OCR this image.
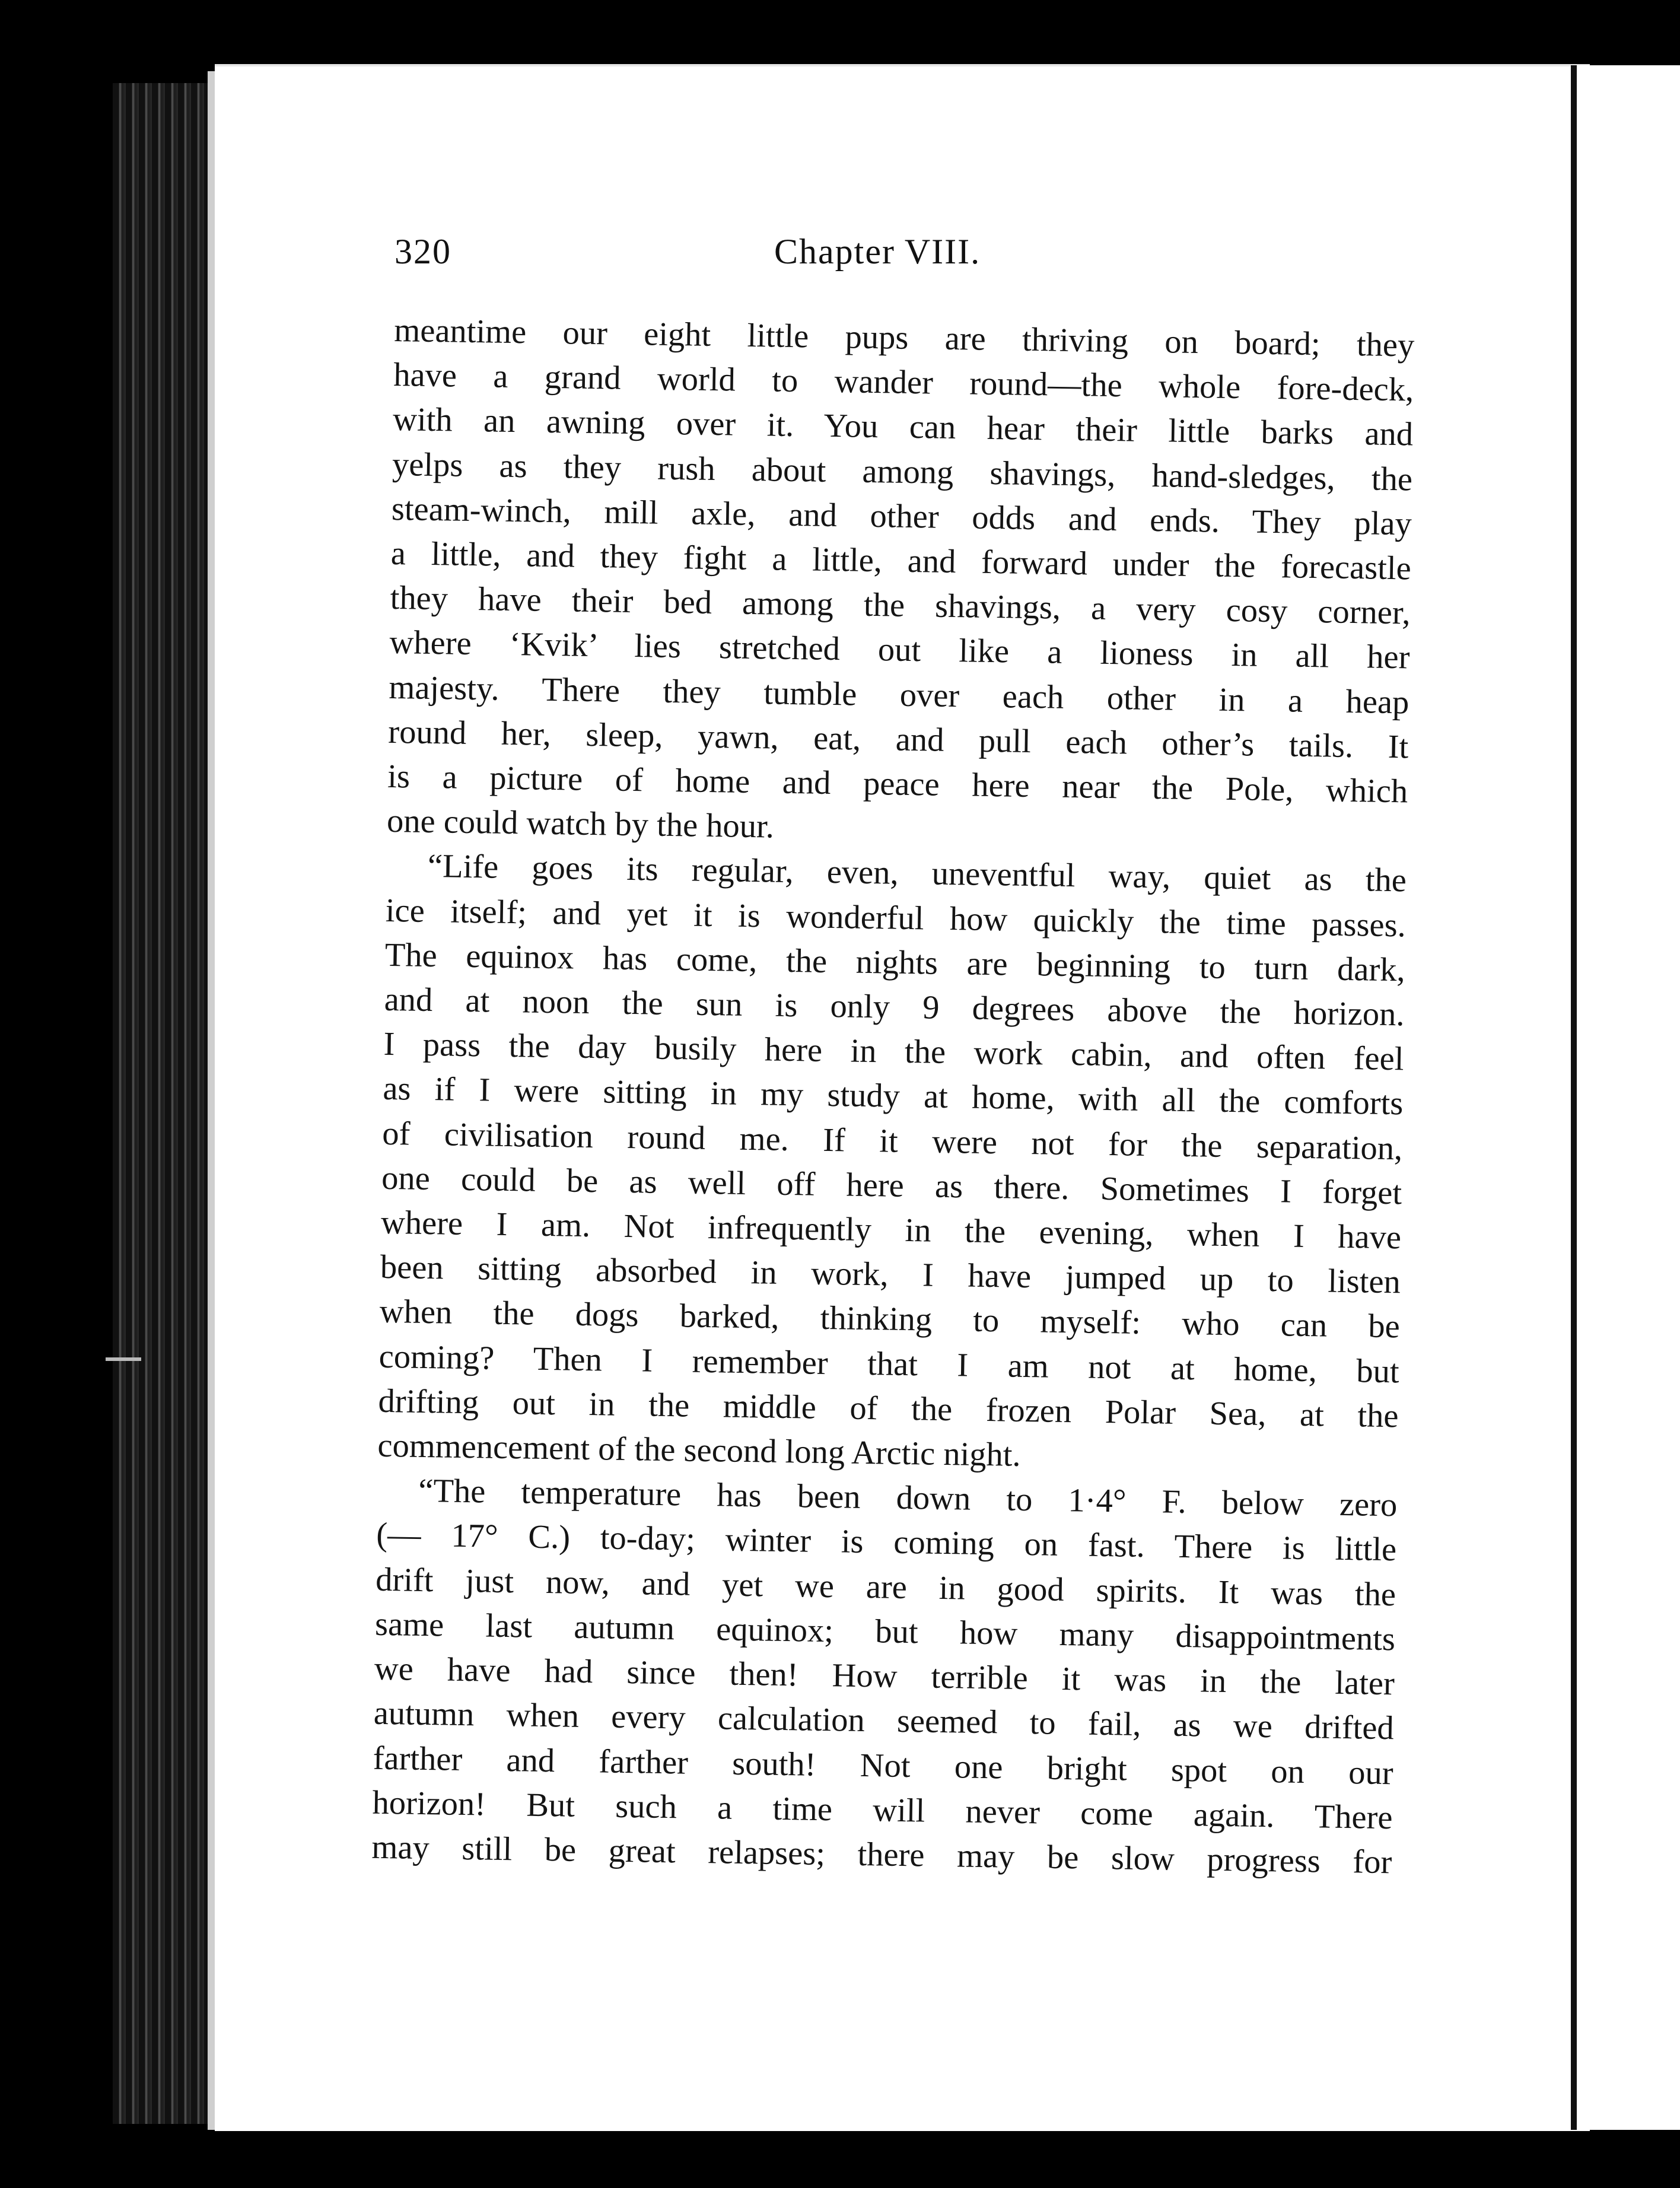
320	Chapter VIII.
meantime our eight little pups are thriving on board; they
have a grand world to wander round—the whole fore-deck,
with an awning over it. You can hear their little barks and
yelps as they rush about among shavings, hand-sledges, the
steam-winch, mill axle, and other odds and ends. They play
a little, and they fight a little, and forward under the forecastle
they have their bed among the shavings, a very cosy corner,
where ‘Kvik’ lies stretched out like a lioness in all her
majesty. There they tumble over each other in a heap
round her, sleep, yawn, eat, and pull each other’s tails. It
is a picture of home and peace here near the Pole, which
one could watch by the hour.
“Life goes its regular, even, uneventful way, quiet as the
ice itself; and yet it is wonderful how quickly the time passes.
The equinox has come, the nights are beginning to turn dark,
and at noon the sun is only 9 degrees above the horizon.
I pass the day busily here in the work cabin, and often feel
as if I were sitting in my study at home, with all the comforts
of civilisation round me. If it were not for the separation,
one could be as well off here as there. Sometimes I forget
where I am. Not infrequently in the evening, when I have
been sitting absorbed in work, I have jumped up to listen
when the dogs barked, thinking to myself: who can be
coming? Then I remember that I am not at home, but
drifting out in the middle of the frozen Polar Sea, at the
commencement of the second long Arctic night.
“The temperature has been down to 1·4° F. below zero
(— 17° C.) to-day; winter is coming on fast. There is little
drift just now, and yet we are in good spirits. It was the
same last autumn equinox; but how many disappointments
we have had since then! How terrible it was in the later
autumn when every calculation seemed to fail, as we drifted
farther and farther south! Not one bright spot on our
horizon! But such a time will never come again. There
may still be great relapses; there may be slow progress for
